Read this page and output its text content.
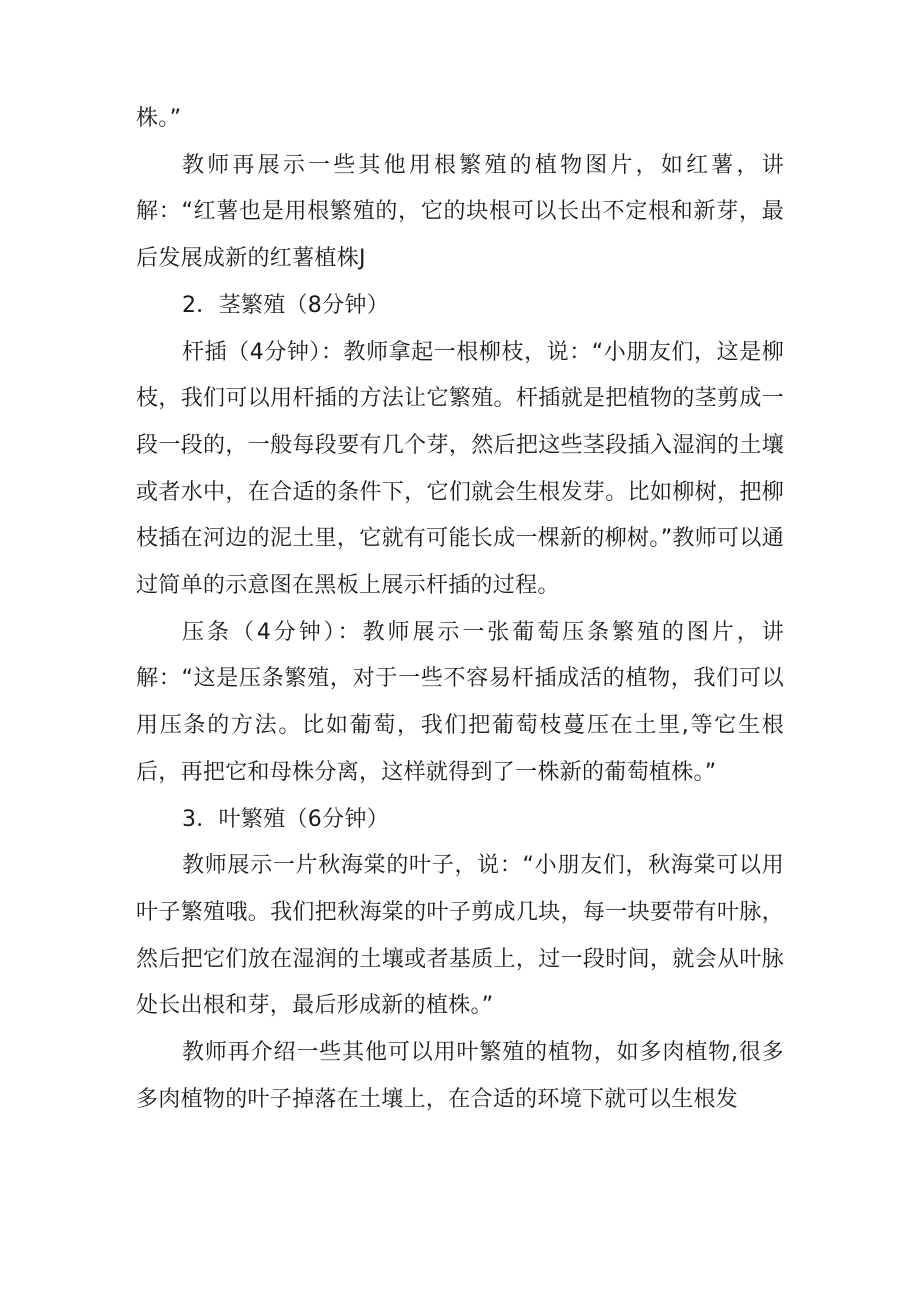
株。”

教师再展示一些其他用根繁殖的植物图片，如红薯，讲解：“红薯也是用根繁殖的，它的块根可以长出不定根和新芽，最后发展成新的红薯植株J

2．茎繁殖（8分钟）

杆插（4分钟）：教师拿起一根柳枝，说：“小朋友们，这是柳枝，我们可以用杆插的方法让它繁殖。杆插就是把植物的茎剪成一段一段的，一般每段要有几个芽，然后把这些茎段插入湿润的土壤或者水中，在合适的条件下，它们就会生根发芽。比如柳树，把柳枝插在河边的泥土里，它就有可能长成一棵新的柳树。”教师可以通过简单的示意图在黑板上展示杆插的过程。

压条（4分钟）：教师展示一张葡萄压条繁殖的图片，讲解：“这是压条繁殖，对于一些不容易杆插成活的植物，我们可以用压条的方法。比如葡萄，我们把葡萄枝蔓压在土里,等它生根后，再把它和母株分离，这样就得到了一株新的葡萄植株。”

3．叶繁殖（6分钟）

教师展示一片秋海棠的叶子，说：“小朋友们，秋海棠可以用叶子繁殖哦。我们把秋海棠的叶子剪成几块，每一块要带有叶脉，然后把它们放在湿润的土壤或者基质上，过一段时间，就会从叶脉处长出根和芽，最后形成新的植株。”

教师再介绍一些其他可以用叶繁殖的植物，如多肉植物,很多多肉植物的叶子掉落在土壤上，在合适的环境下就可以生根发
